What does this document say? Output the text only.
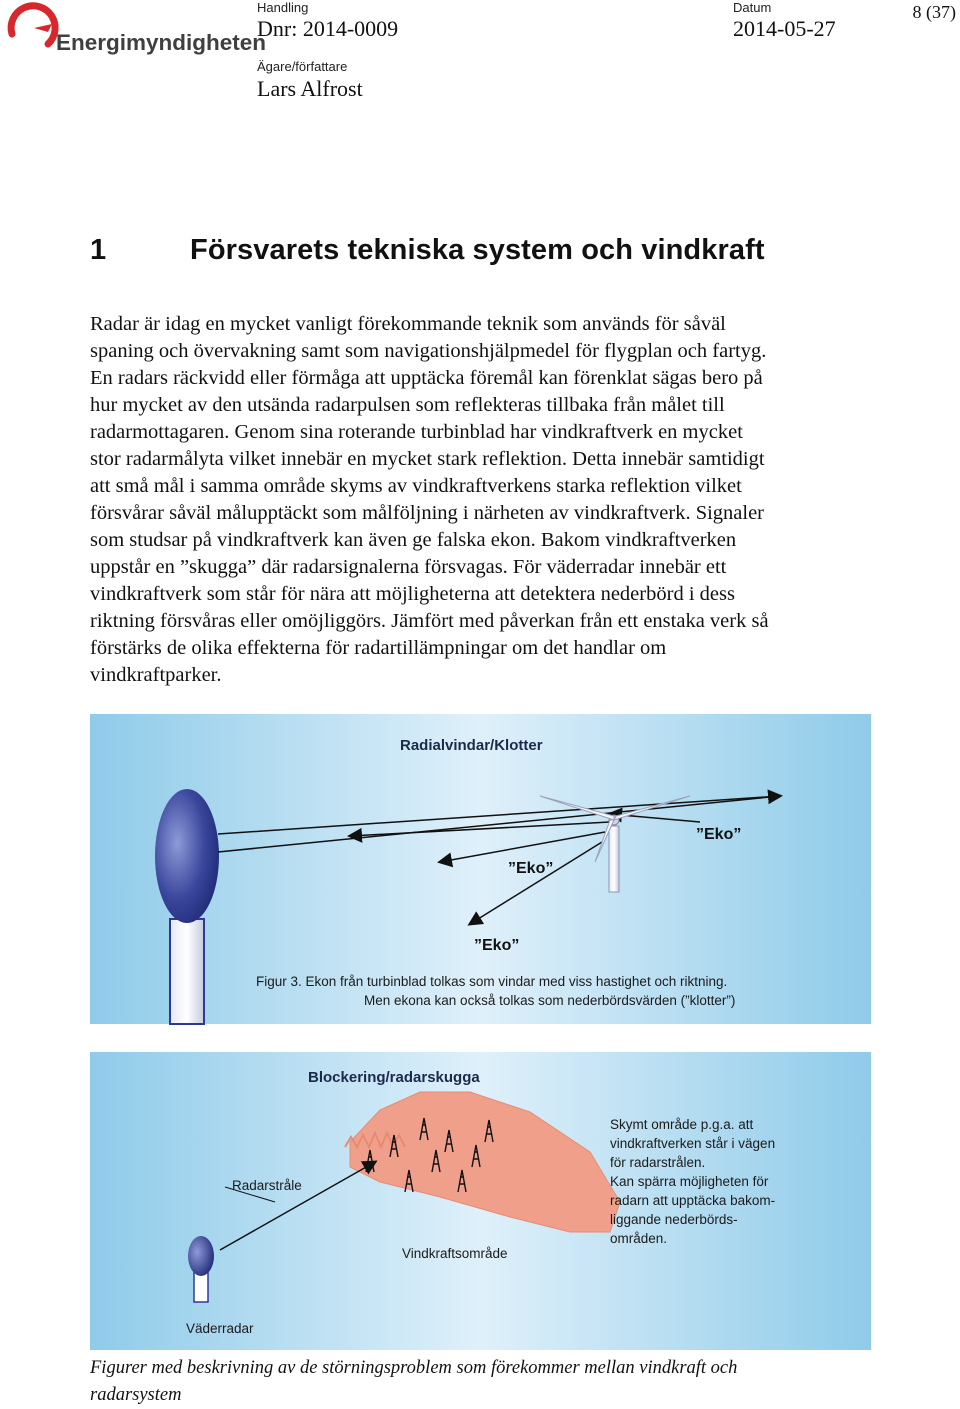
Energimyndigheten
Handling
Dnr: 2014-0009
Datum
2014-05-27
Ägare/författare
Lars Alfrost
8 (37)
1	Försvarets tekniska system och vindkraft
Radar är idag en mycket vanligt förekommande teknik som används för såväl
spaning och övervakning samt som navigationshjälpmedel för flygplan och fartyg.
En radars räckvidd eller förmåga att upptäcka föremål kan förenklat sägas bero på
hur mycket av den utsända radarpulsen som reflekteras tillbaka från målet till
radarmottagaren. Genom sina roterande turbinblad har vindkraftverk en mycket
stor radarmålyta vilket innebär en mycket stark reflektion. Detta innebär samtidigt
att små mål i samma område skyms av vindkraftverkens starka reflektion vilket
försvårar såväl målupptäckt som målföljning i närheten av vindkraftverk. Signaler
som studsar på vindkraftverk kan även ge falska ekon. Bakom vindkraftverken
uppstår en ”skugga” där radarsignalerna försvagas. För väderradar innebär ett
vindkraftverk som står för nära att möjligheterna att detektera nederbörd i dess
riktning försvåras eller omöjliggörs. Jämfört med påverkan från ett enstaka verk så
förstärks de olika effekterna för radartillämpningar om det handlar om
vindkraftparker.
Radialvindar/Klotter
”Eko”
”Eko”
”Eko”
Figur 3. Ekon från turbinblad tolkas som vindar med viss hastighet och riktning.
Men ekona kan också tolkas som nederbördsvärden (”klotter”)
Blockering/radarskugga
Radarstråle
Vindkraftsområde
Väderradar
Skymt område p.g.a. att
vindkraftverken står i vägen
för radarstrålen.
Kan spärra möjligheten för
radarn att upptäcka bakom-
liggande nederbörds-
områden.
Figurer med beskrivning av de störningsproblem som förekommer mellan vindkraft och
radarsystem
